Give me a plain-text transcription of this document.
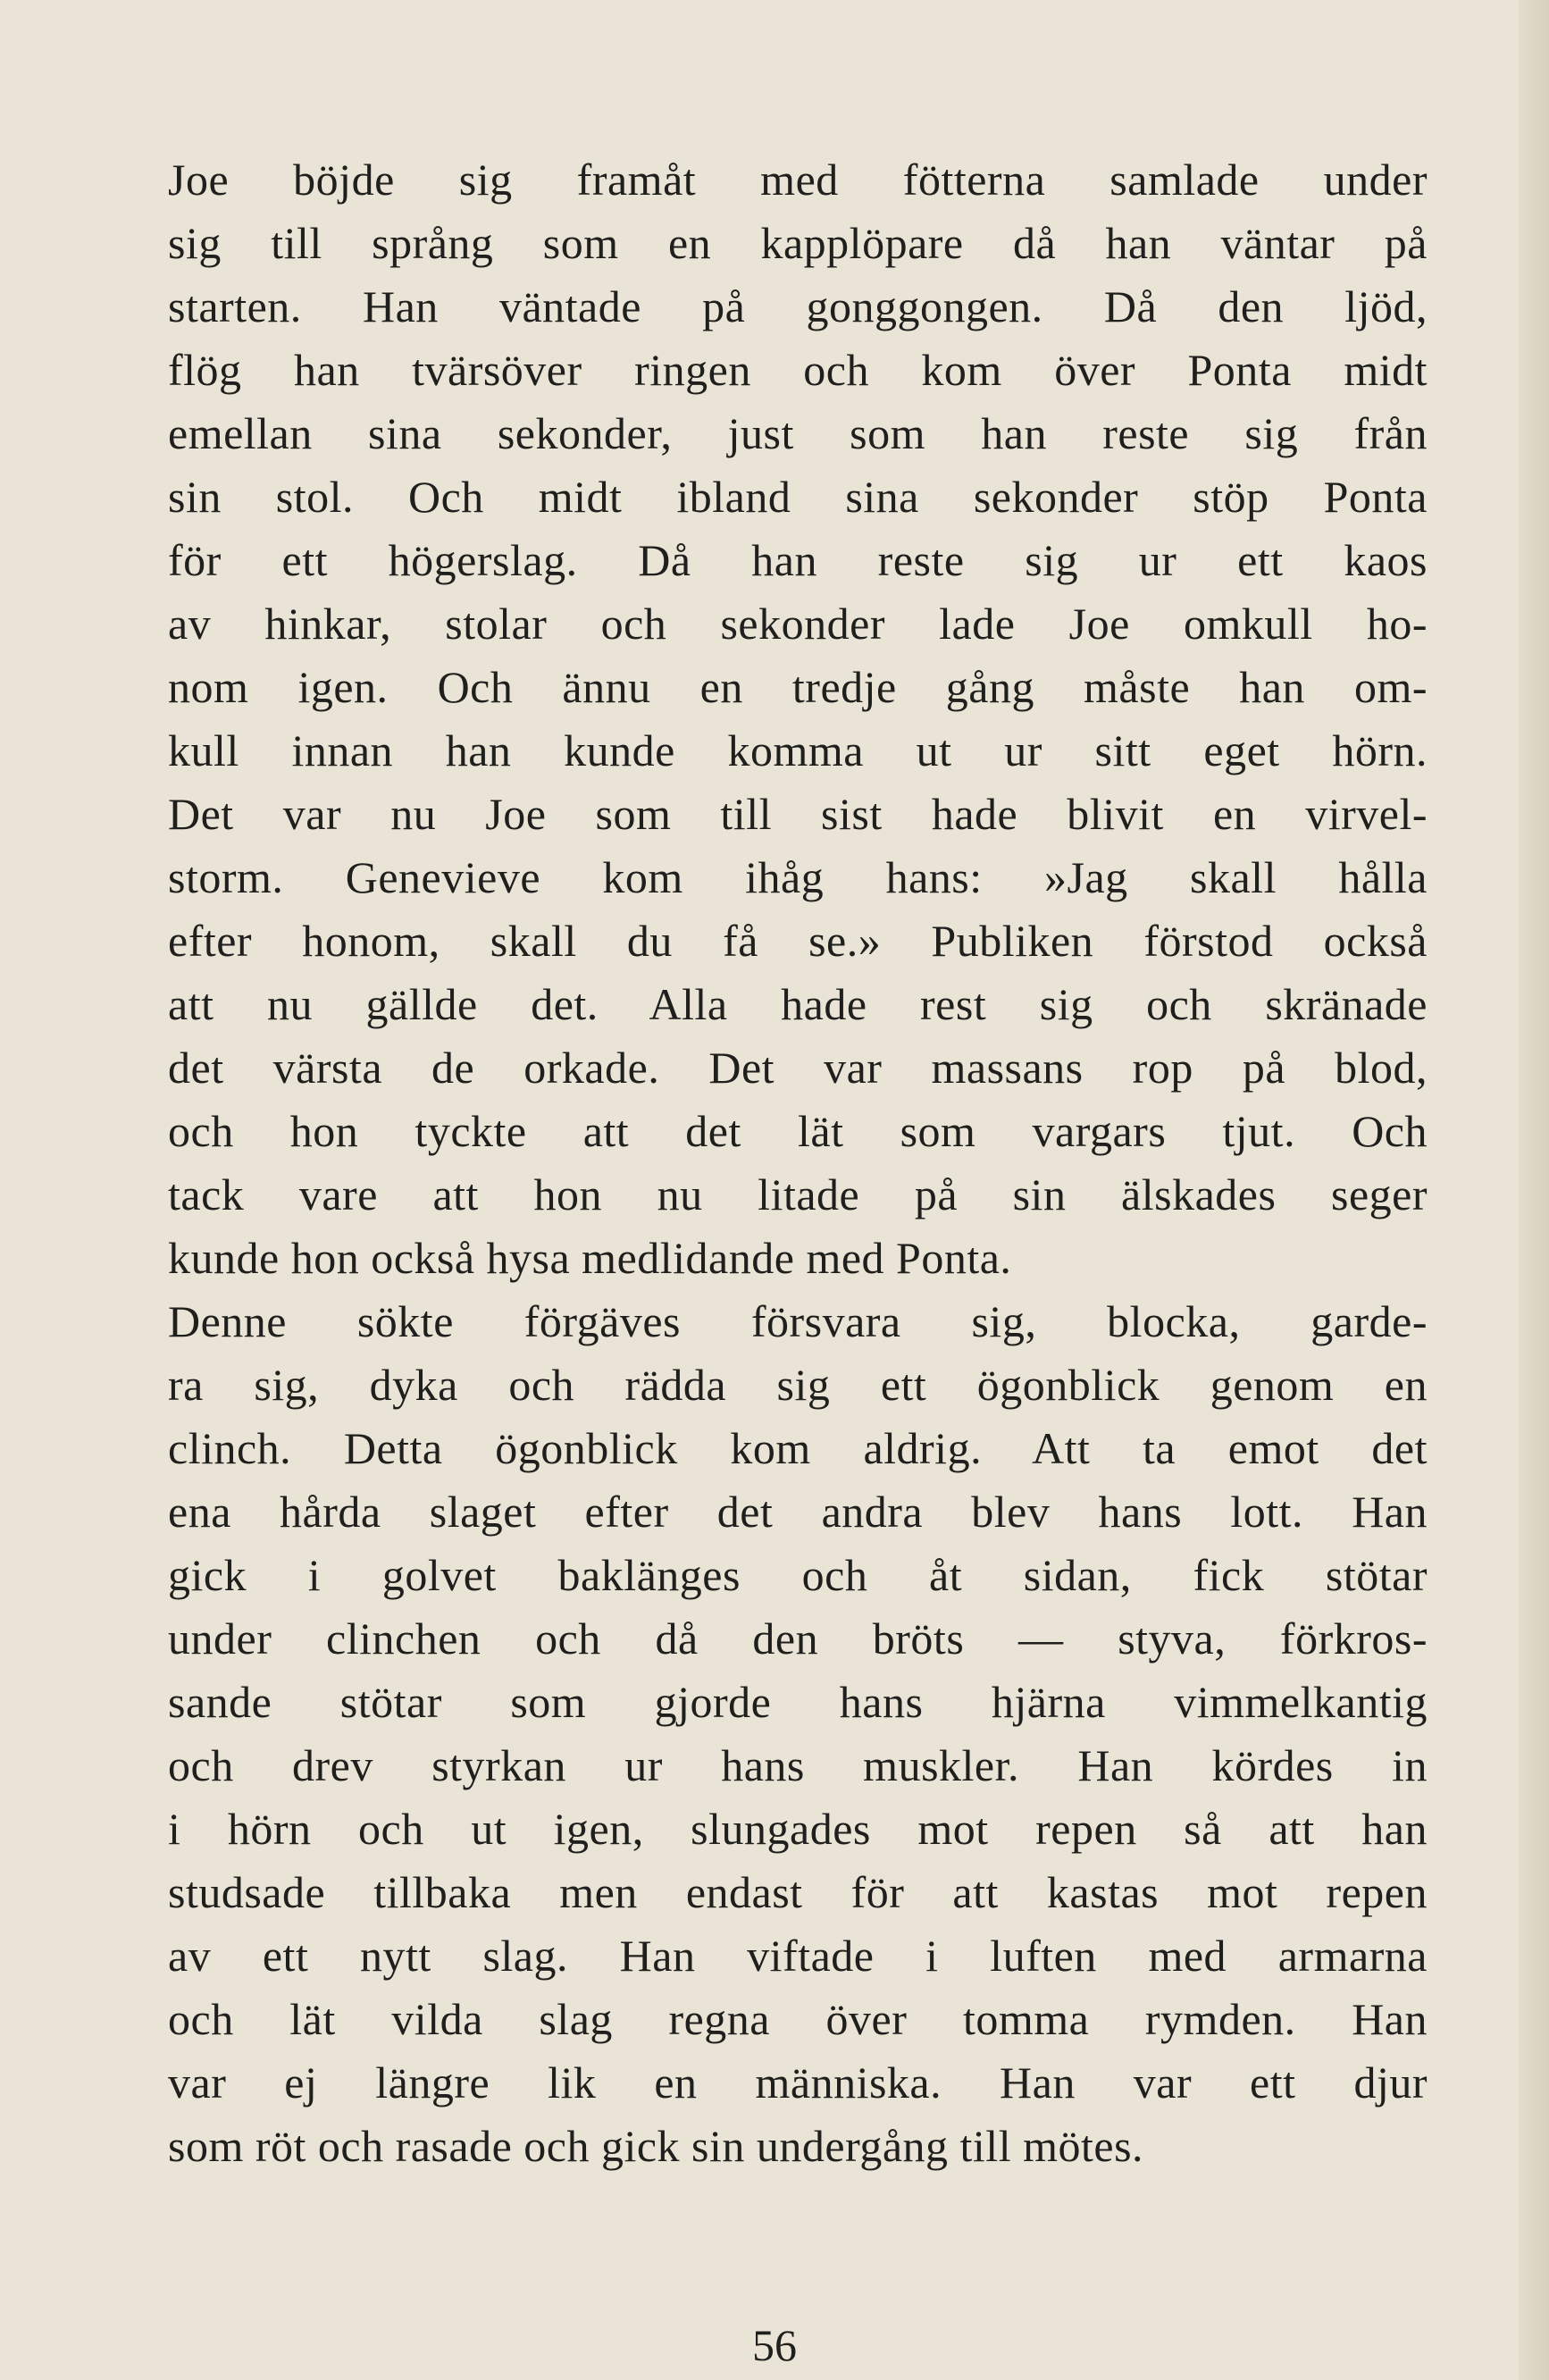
Joe böjde sig framåt med fötterna samlade under
sig till språng som en kapplöpare då han väntar på
starten. Han väntade på gonggongen. Då den ljöd,
flög han tvärsöver ringen och kom över Ponta midt
emellan sina sekonder, just som han reste sig från
sin stol. Och midt ibland sina sekonder stöp Ponta
för ett högerslag. Då han reste sig ur ett kaos
av hinkar, stolar och sekonder lade Joe omkull ho-
nom igen. Och ännu en tredje gång måste han om-
kull innan han kunde komma ut ur sitt eget hörn.
Det var nu Joe som till sist hade blivit en virvel-
storm. Genevieve kom ihåg hans: »Jag skall hålla
efter honom, skall du få se.» Publiken förstod också
att nu gällde det. Alla hade rest sig och skränade
det värsta de orkade. Det var massans rop på blod,
och hon tyckte att det lät som vargars tjut. Och
tack vare att hon nu litade på sin älskades seger
kunde hon också hysa medlidande med Ponta.
Denne sökte förgäves försvara sig, blocka, garde-
ra sig, dyka och rädda sig ett ögonblick genom en
clinch. Detta ögonblick kom aldrig. Att ta emot det
ena hårda slaget efter det andra blev hans lott. Han
gick i golvet baklänges och åt sidan, fick stötar
under clinchen och då den bröts — styva, förkros-
sande stötar som gjorde hans hjärna vimmelkantig
och drev styrkan ur hans muskler. Han kördes in
i hörn och ut igen, slungades mot repen så att han
studsade tillbaka men endast för att kastas mot repen
av ett nytt slag. Han viftade i luften med armarna
och lät vilda slag regna över tomma rymden. Han
var ej längre lik en människa. Han var ett djur
som röt och rasade och gick sin undergång till mötes.
56
